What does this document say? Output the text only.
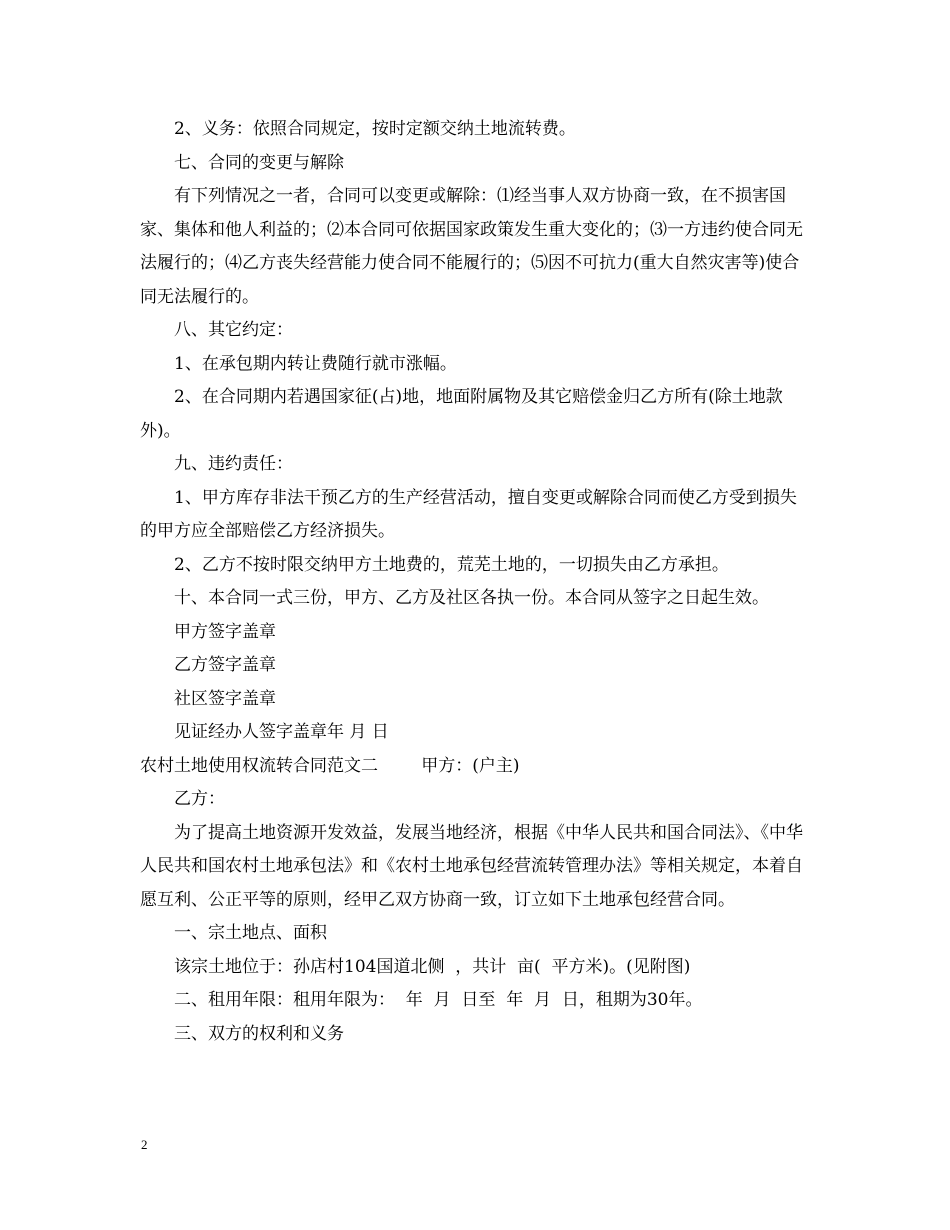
2、义务：依照合同规定，按时定额交纳土地流转费。

七、合同的变更与解除

有下列情况之一者，合同可以变更或解除：⑴经当事人双方协商一致，在不损害国家、集体和他人利益的；⑵本合同可依据国家政策发生重大变化的；⑶一方违约使合同无法履行的；⑷乙方丧失经营能力使合同不能履行的；⑸因不可抗力(重大自然灾害等)使合同无法履行的。

八、其它约定：

1、在承包期内转让费随行就市涨幅。

2、在合同期内若遇国家征(占)地，地面附属物及其它赔偿金归乙方所有(除土地款外)。

九、违约责任：

1、甲方库存非法干预乙方的生产经营活动，擅自变更或解除合同而使乙方受到损失的甲方应全部赔偿乙方经济损失。

2、乙方不按时限交纳甲方土地费的，荒芜土地的，一切损失由乙方承担。

十、本合同一式三份，甲方、乙方及社区各执一份。本合同从签字之日起生效。

甲方签字盖章

乙方签字盖章

社区签字盖章

见证经办人签字盖章年 月 日

农村土地使用权流转合同范文二        甲方：(户主)

乙方：

为了提高土地资源开发效益，发展当地经济，根据《中华人民共和国合同法》、《中华人民共和国农村土地承包法》和《农村土地承包经营流转管理办法》等相关规定，本着自愿互利、公正平等的原则，经甲乙双方协商一致，订立如下土地承包经营合同。

一、宗土地点、面积

该宗土地位于：孙店村104国道北侧  ，共计  亩(  平方米)。(见附图)

二、租用年限：租用年限为：  年  月  日至  年  月  日，租期为30年。

三、双方的权利和义务

2
